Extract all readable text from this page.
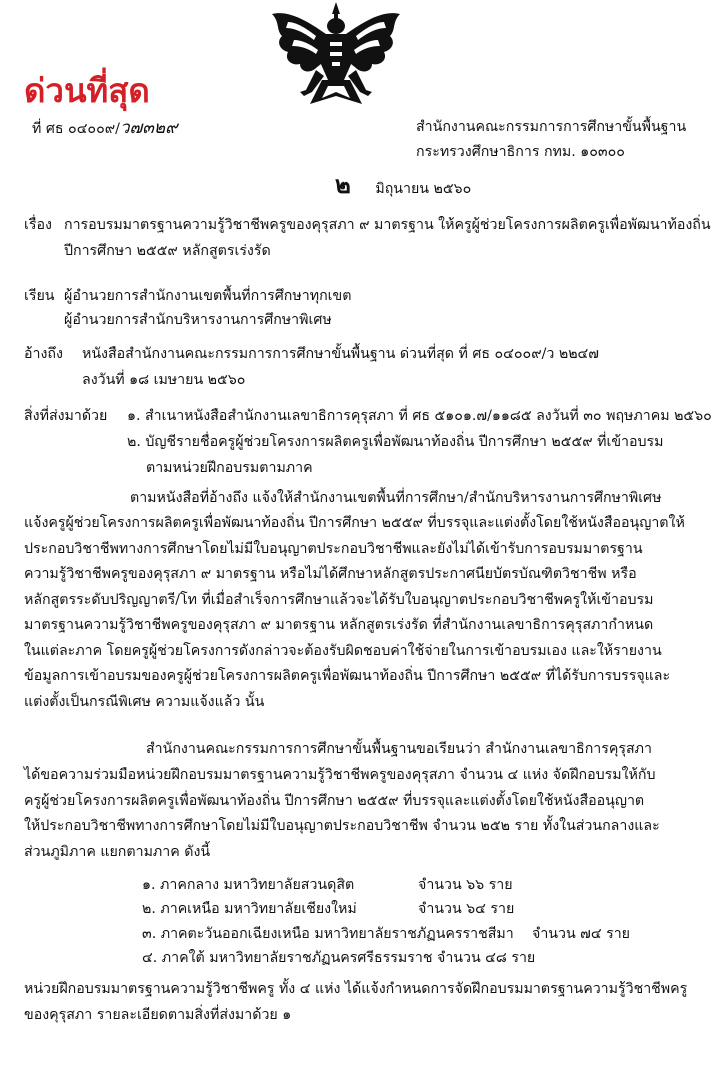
ด่วนที่สุด
ที่ ศธ ๐๔๐๐๙/ว๗๓๒๙	สำนักงานคณะกรรมการการศึกษาขั้นพื้นฐาน
กระทรวงศึกษาธิการ กทม. ๑๐๓๐๐
๒ มิถุนายน ๒๕๖๐
เรื่อง การอบรมมาตรฐานความรู้วิชาชีพครูของคุรุสภา ๙ มาตรฐาน ให้ครูผู้ช่วยโครงการผลิตครูเพื่อพัฒนาท้องถิ่น
ปีการศึกษา ๒๕๕๙ หลักสูตรเร่งรัด
เรียน ผู้อำนวยการสำนักงานเขตพื้นที่การศึกษาทุกเขต
ผู้อำนวยการสำนักบริหารงานการศึกษาพิเศษ
อ้างถึง หนังสือสำนักงานคณะกรรมการการศึกษาขั้นพื้นฐาน ด่วนที่สุด ที่ ศธ ๐๔๐๐๙/ว ๒๒๔๗
ลงวันที่ ๑๘ เมษายน ๒๕๖๐
สิ่งที่ส่งมาด้วย ๑. สำเนาหนังสือสำนักงานเลขาธิการคุรุสภา ที่ ศธ ๕๑๐๑.๗/๑๑๘๕ ลงวันที่ ๓๐ พฤษภาคม ๒๕๖๐
๒. บัญชีรายชื่อครูผู้ช่วยโครงการผลิตครูเพื่อพัฒนาท้องถิ่น ปีการศึกษา ๒๕๕๙ ที่เข้าอบรม
ตามหน่วยฝึกอบรมตามภาค
ตามหนังสือที่อ้างถึง แจ้งให้สำนักงานเขตพื้นที่การศึกษา/สำนักบริหารงานการศึกษาพิเศษ
แจ้งครูผู้ช่วยโครงการผลิตครูเพื่อพัฒนาท้องถิ่น ปีการศึกษา ๒๕๕๙ ที่บรรจุและแต่งตั้งโดยใช้หนังสืออนุญาตให้
ประกอบวิชาชีพทางการศึกษาโดยไม่มีใบอนุญาตประกอบวิชาชีพและยังไม่ได้เข้ารับการอบรมมาตรฐาน
ความรู้วิชาชีพครูของคุรุสภา ๙ มาตรฐาน หรือไม่ได้ศึกษาหลักสูตรประกาศนียบัตรบัณฑิตวิชาชีพ หรือ
หลักสูตรระดับปริญญาตรี/โท ที่เมื่อสำเร็จการศึกษาแล้วจะได้รับใบอนุญาตประกอบวิชาชีพครูให้เข้าอบรม
มาตรฐานความรู้วิชาชีพครูของคุรุสภา ๙ มาตรฐาน หลักสูตรเร่งรัด ที่สำนักงานเลขาธิการคุรุสภากำหนด
ในแต่ละภาค โดยครูผู้ช่วยโครงการดังกล่าวจะต้องรับผิดชอบค่าใช้จ่ายในการเข้าอบรมเอง และให้รายงาน
ข้อมูลการเข้าอบรมของครูผู้ช่วยโครงการผลิตครูเพื่อพัฒนาท้องถิ่น ปีการศึกษา ๒๕๕๙ ที่ได้รับการบรรจุและ
แต่งตั้งเป็นกรณีพิเศษ ความแจ้งแล้ว นั้น
สำนักงานคณะกรรมการการศึกษาขั้นพื้นฐานขอเรียนว่า สำนักงานเลขาธิการคุรุสภา
ได้ขอความร่วมมือหน่วยฝึกอบรมมาตรฐานความรู้วิชาชีพครูของคุรุสภา จำนวน ๔ แห่ง จัดฝึกอบรมให้กับ
ครูผู้ช่วยโครงการผลิตครูเพื่อพัฒนาท้องถิ่น ปีการศึกษา ๒๕๕๙ ที่บรรจุและแต่งตั้งโดยใช้หนังสืออนุญาต
ให้ประกอบวิชาชีพทางการศึกษาโดยไม่มีใบอนุญาตประกอบวิชาชีพ จำนวน ๒๕๒ ราย ทั้งในส่วนกลางและ
ส่วนภูมิภาค แยกตามภาค ดังนี้
๑. ภาคกลาง มหาวิทยาลัยสวนดุสิต	จำนวน ๖๖ ราย
๒. ภาคเหนือ มหาวิทยาลัยเชียงใหม่	จำนวน ๖๔ ราย
๓. ภาคตะวันออกเฉียงเหนือ มหาวิทยาลัยราชภัฏนครราชสีมา จำนวน ๗๔ ราย
๔. ภาคใต้ มหาวิทยาลัยราชภัฏนครศรีธรรมราช จำนวน ๔๘ ราย
หน่วยฝึกอบรมมาตรฐานความรู้วิชาชีพครู ทั้ง ๔ แห่ง ได้แจ้งกำหนดการจัดฝึกอบรมมาตรฐานความรู้วิชาชีพครู
ของคุรุสภา รายละเอียดตามสิ่งที่ส่งมาด้วย ๑
